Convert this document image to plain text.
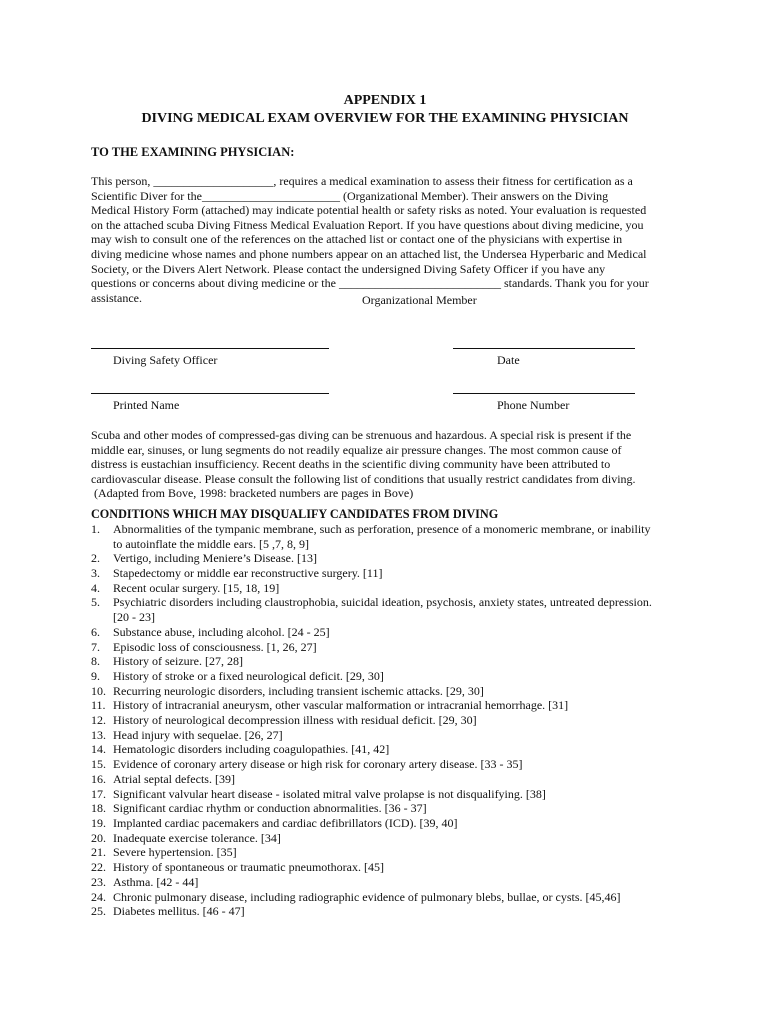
APPENDIX 1
DIVING MEDICAL EXAM OVERVIEW FOR THE EXAMINING PHYSICIAN
TO THE EXAMINING PHYSICIAN:
This person, ____________________, requires a medical examination to assess their fitness for certification as a
Scientific Diver for the_______________________ (Organizational Member). Their answers on the Diving
Medical History Form (attached) may indicate potential health or safety risks as noted. Your evaluation is requested
on the attached scuba Diving Fitness Medical Evaluation Report. If you have questions about diving medicine, you
may wish to consult one of the references on the attached list or contact one of the physicians with expertise in
diving medicine whose names and phone numbers appear on an attached list, the Undersea Hyperbaric and Medical
Society, or the Divers Alert Network. Please contact the undersigned Diving Safety Officer if you have any
questions or concerns about diving medicine or the ___________________________ standards. Thank you for your
assistance.	Organizational Member
Diving Safety Officer	Date
Printed Name	Phone Number
Scuba and other modes of compressed-gas diving can be strenuous and hazardous. A special risk is present if the
middle ear, sinuses, or lung segments do not readily equalize air pressure changes. The most common cause of
distress is eustachian insufficiency. Recent deaths in the scientific diving community have been attributed to
cardiovascular disease. Please consult the following list of conditions that usually restrict candidates from diving.
(Adapted from Bove, 1998: bracketed numbers are pages in Bove)
CONDITIONS WHICH MAY DISQUALIFY CANDIDATES FROM DIVING
1.	Abnormalities of the tympanic membrane, such as perforation, presence of a monomeric membrane, or inability
to autoinflate the middle ears. [5 ,7, 8, 9]
2.	Vertigo, including Meniere’s Disease. [13]
3.	Stapedectomy or middle ear reconstructive surgery. [11]
4.	Recent ocular surgery. [15, 18, 19]
5.	Psychiatric disorders including claustrophobia, suicidal ideation, psychosis, anxiety states, untreated depression.
[20 - 23]
6.	Substance abuse, including alcohol. [24 - 25]
7.	Episodic loss of consciousness. [1, 26, 27]
8.	History of seizure. [27, 28]
9.	History of stroke or a fixed neurological deficit. [29, 30]
10. Recurring neurologic disorders, including transient ischemic attacks. [29, 30]
11. History of intracranial aneurysm, other vascular malformation or intracranial hemorrhage. [31]
12. History of neurological decompression illness with residual deficit. [29, 30]
13. Head injury with sequelae. [26, 27]
14. Hematologic disorders including coagulopathies. [41, 42]
15. Evidence of coronary artery disease or high risk for coronary artery disease. [33 - 35]
16. Atrial septal defects. [39]
17. Significant valvular heart disease - isolated mitral valve prolapse is not disqualifying. [38]
18. Significant cardiac rhythm or conduction abnormalities. [36 - 37]
19. Implanted cardiac pacemakers and cardiac defibrillators (ICD). [39, 40]
20. Inadequate exercise tolerance. [34]
21. Severe hypertension. [35]
22. History of spontaneous or traumatic pneumothorax. [45]
23. Asthma. [42 - 44]
24. Chronic pulmonary disease, including radiographic evidence of pulmonary blebs, bullae, or cysts. [45,46]
25. Diabetes mellitus. [46 - 47]
